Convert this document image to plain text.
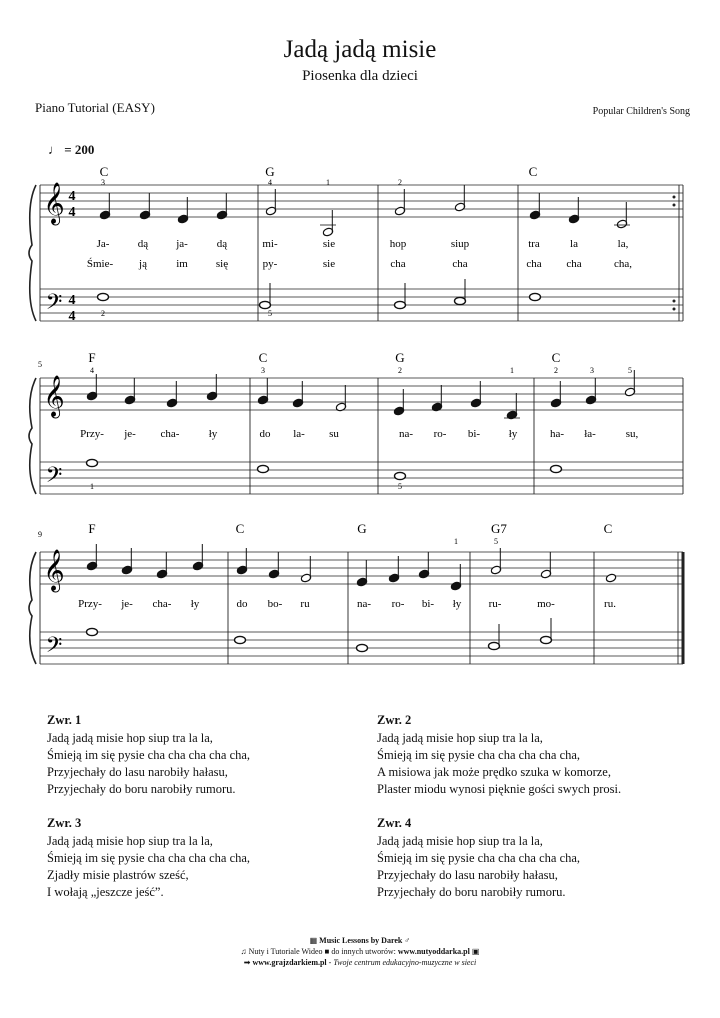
Jadą jadą misie
Piosenka dla dzieci
Piano Tutorial (EASY)	Popular Children's Song
♩ = 200
𝄞
𝄢
4
4
4
4
C	G	C
3	4	1	2
2	5
Ja-	dą	ja-	dą	mi-	sie	hop	siup	tra	la	la,
Śmie- ją	im	się	py-	sie	cha	cha	cha cha	cha,
𝄞
𝄢
5	F	C	G	C
4	3	2	1	2	3	5
1	5
Przy- je- cha-	ły	do la- su	na- ro- bi-	ły	ha- ła-	su,
𝄞
𝄢
9	F	C	G	G7	C
1	5
Przy- je- cha- ły	do bo- ru	na- ro- bi- ły ru-	mo-	ru.
Zwr. 1
Jadą jadą misie hop siup tra la la,
Śmieją im się pysie cha cha cha cha cha,
Przyjechały do lasu narobiły hałasu,
Przyjechały do boru narobiły rumoru.
Zwr. 2
Jadą jadą misie hop siup tra la la,
Śmieją im się pysie cha cha cha cha cha,
A misiowa jak może prędko szuka w komorze,
Plaster miodu wynosi pięknie gości swych prosi.
Zwr. 3
Jadą jadą misie hop siup tra la la,
Śmieją im się pysie cha cha cha cha cha,
Zjadły misie plastrów sześć,
I wołają „jeszcze jeść”.
Zwr. 4
Jadą jadą misie hop siup tra la la,
Śmieją im się pysie cha cha cha cha cha,
Przyjechały do lasu narobiły hałasu,
Przyjechały do boru narobiły rumoru.
▦ Music Lessons by Darek ♂
♫ Nuty i Tutoriale Wideo ■ do innych utworów: www.nutyoddarka.pl ▣
➡ www.grajzdarkiem.pl - Twoje centrum edukacyjno-muzyczne w sieci
